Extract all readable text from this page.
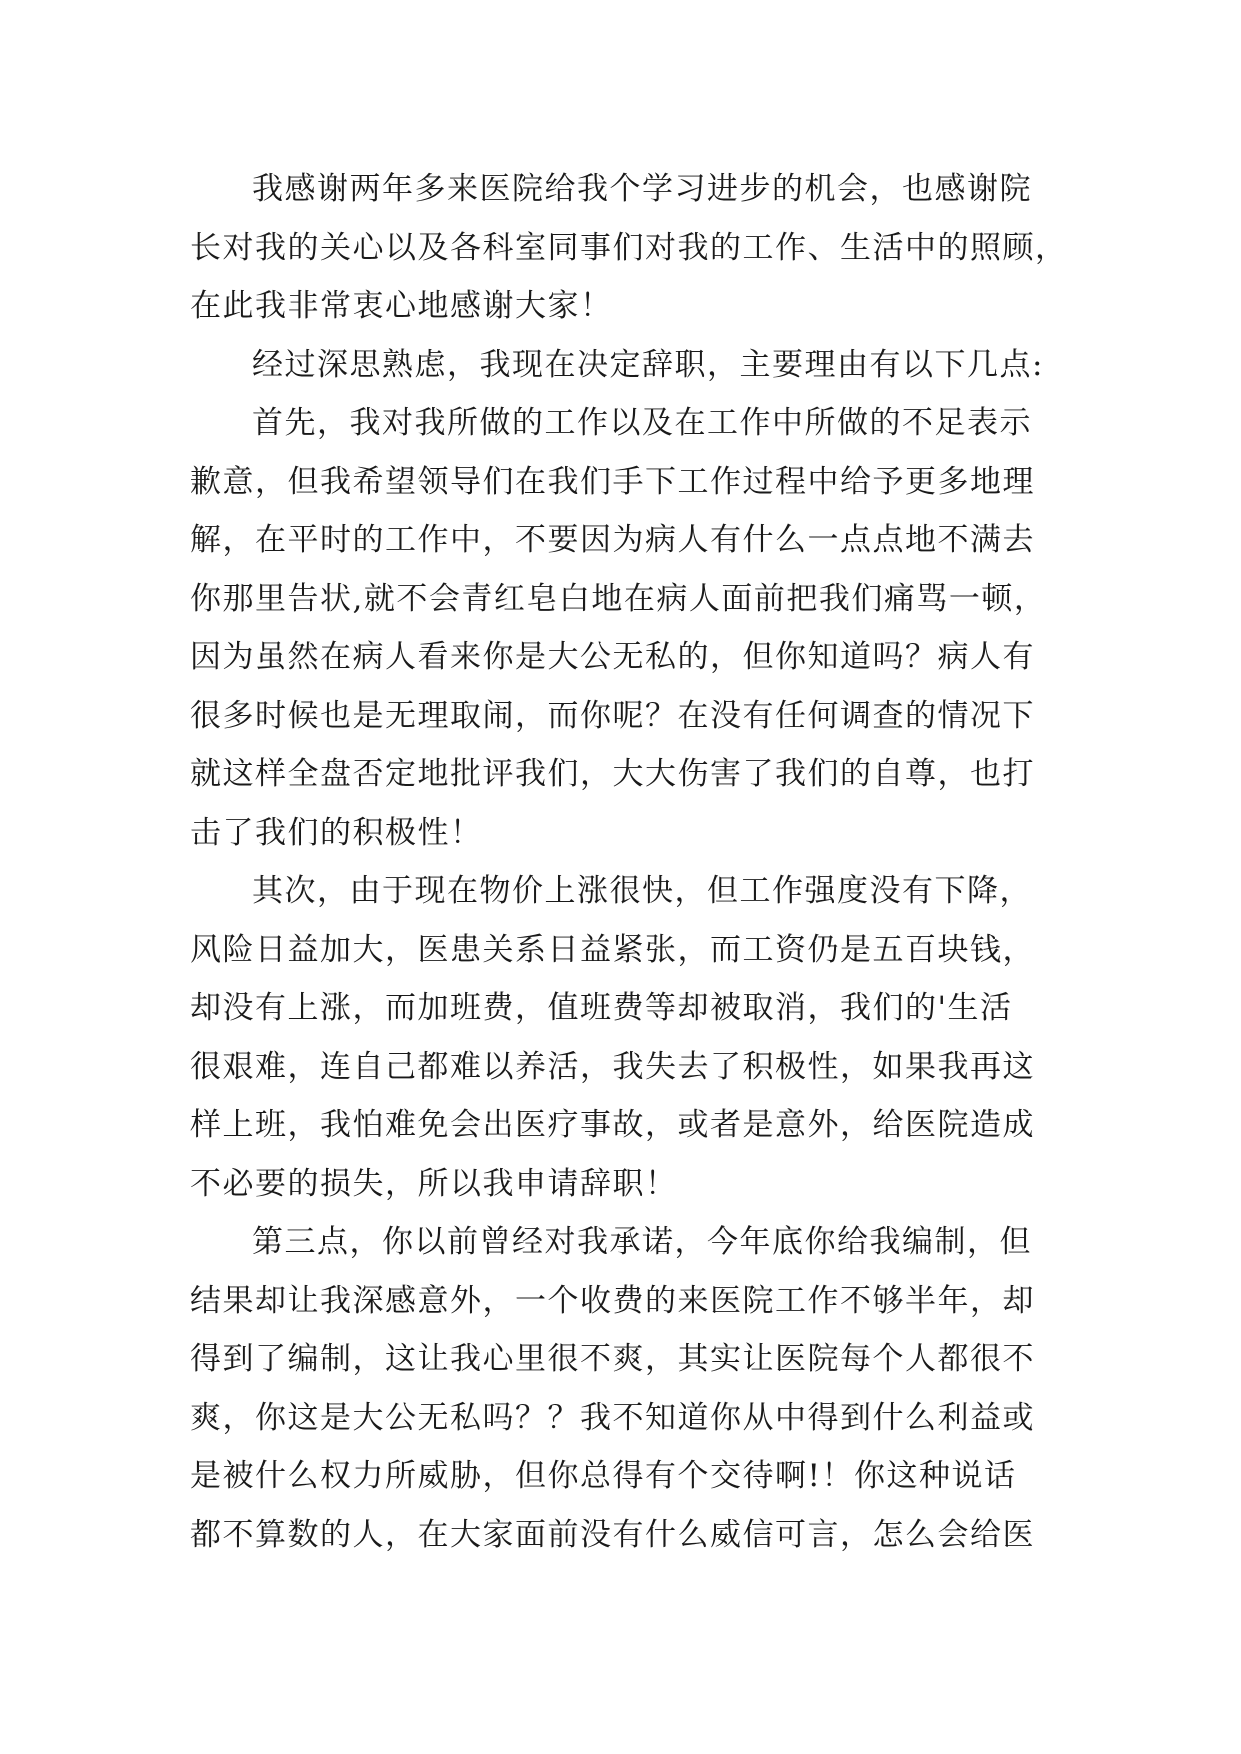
我感谢两年多来医院给我个学习进步的机会，也感谢院
长对我的关心以及各科室同事们对我的工作、生活中的照顾，
在此我非常衷心地感谢大家！

经过深思熟虑，我现在决定辞职，主要理由有以下几点:

首先，我对我所做的工作以及在工作中所做的不足表示
歉意，但我希望领导们在我们手下工作过程中给予更多地理
解，在平时的工作中，不要因为病人有什么一点点地不满去
你那里告状,就不会青红皂白地在病人面前把我们痛骂一顿，
因为虽然在病人看来你是大公无私的，但你知道吗？病人有
很多时候也是无理取闹，而你呢？在没有任何调查的情况下
就这样全盘否定地批评我们，大大伤害了我们的自尊，也打
击了我们的积极性！

其次，由于现在物价上涨很快，但工作强度没有下降，
风险日益加大，医患关系日益紧张，而工资仍是五百块钱，
却没有上涨，而加班费，值班费等却被取消，我们的'生活
很艰难，连自己都难以养活，我失去了积极性，如果我再这
样上班，我怕难免会出医疗事故，或者是意外，给医院造成
不必要的损失，所以我申请辞职！

第三点，你以前曾经对我承诺，今年底你给我编制，但
结果却让我深感意外，一个收费的来医院工作不够半年，却
得到了编制，这让我心里很不爽，其实让医院每个人都很不
爽，你这是大公无私吗？？我不知道你从中得到什么利益或
是被什么权力所威胁，但你总得有个交待啊!！你这种说话
都不算数的人，在大家面前没有什么威信可言，怎么会给医
